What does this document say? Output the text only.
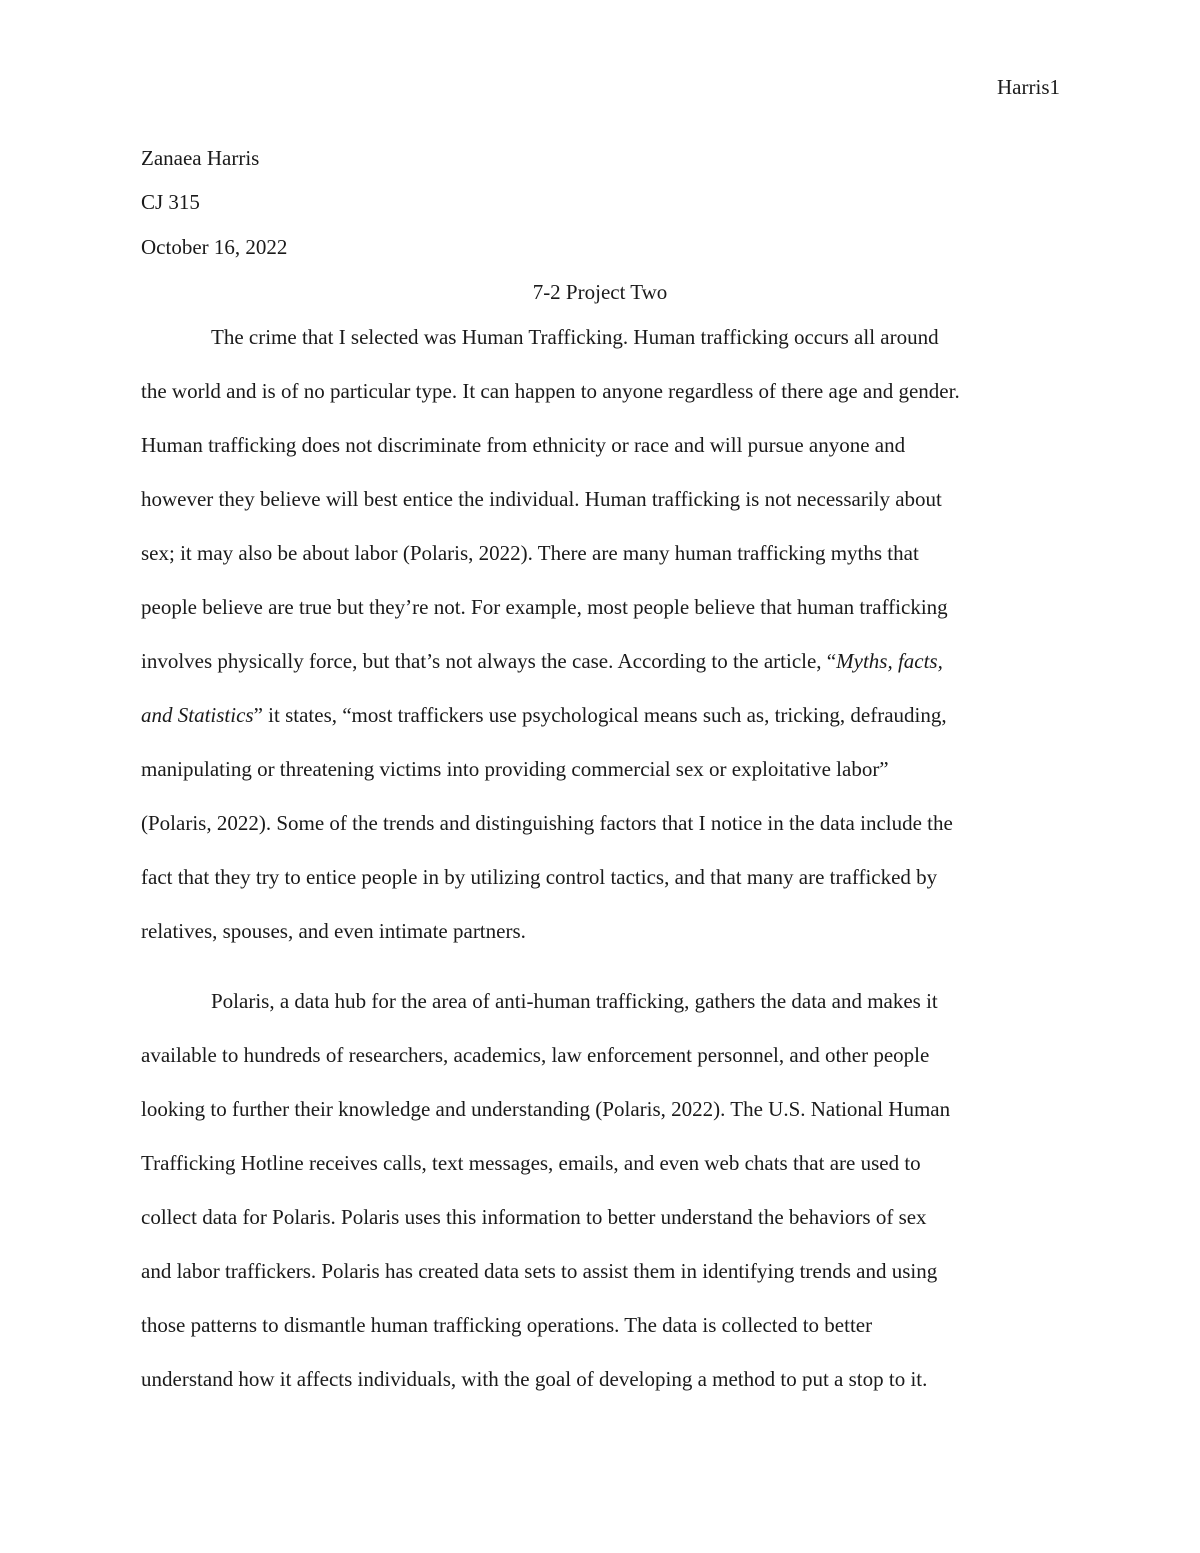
Harris1
Zanaea Harris
CJ 315
October 16, 2022
7-2 Project Two
The crime that I selected was Human Trafficking. Human trafficking occurs all around
the world and is of no particular type. It can happen to anyone regardless of there age and gender.
Human trafficking does not discriminate from ethnicity or race and will pursue anyone and
however they believe will best entice the individual. Human trafficking is not necessarily about
sex; it may also be about labor (Polaris, 2022). There are many human trafficking myths that
people believe are true but they’re not. For example, most people believe that human trafficking
involves physically force, but that’s not always the case. According to the article, “Myths, facts,
and Statistics” it states, “most traffickers use psychological means such as, tricking, defrauding,
manipulating or threatening victims into providing commercial sex or exploitative labor”
(Polaris, 2022). Some of the trends and distinguishing factors that I notice in the data include the
fact that they try to entice people in by utilizing control tactics, and that many are trafficked by
relatives, spouses, and even intimate partners.
Polaris, a data hub for the area of anti-human trafficking, gathers the data and makes it
available to hundreds of researchers, academics, law enforcement personnel, and other people
looking to further their knowledge and understanding (Polaris, 2022). The U.S. National Human
Trafficking Hotline receives calls, text messages, emails, and even web chats that are used to
collect data for Polaris. Polaris uses this information to better understand the behaviors of sex
and labor traffickers. Polaris has created data sets to assist them in identifying trends and using
those patterns to dismantle human trafficking operations. The data is collected to better
understand how it affects individuals, with the goal of developing a method to put a stop to it.
